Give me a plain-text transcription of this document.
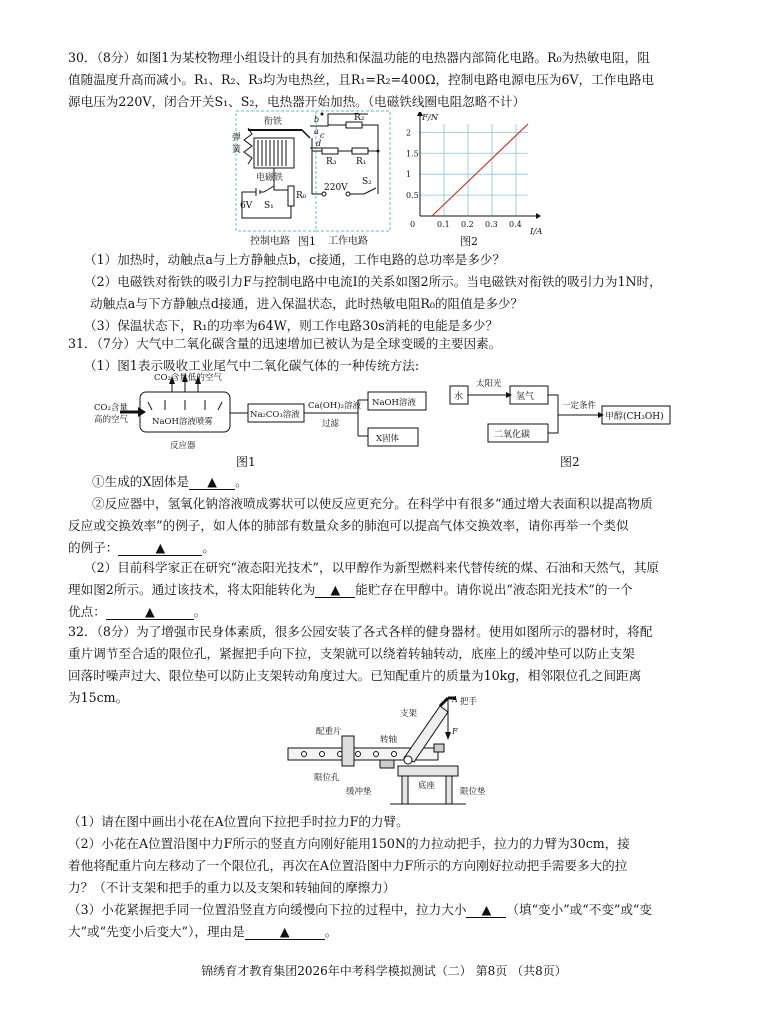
30．（8分）如图1为某校物理小组设计的具有加热和保温功能的电热器内部简化电路。R₀为热敏电阻，阻
值随温度升高而减小。R₁、R₂、R₃均为电热丝，且R₁=R₂=400Ω，控制电路电源电压为6V，工作电路电
源电压为220V，闭合开关S₁、S₂，电热器开始加热。（电磁铁线圈电阻忽略不计）
衔铁
弹
簧
电磁铁
6V S₁
R₀
220V
S₂
R₂
R₃ R₁
a
b
c
d
控制电路	工作电路
图1
0.1 0.2 0.3 0.4
0.5
1
1.5
2
0
I/A
F/N
图2
（1）加热时，动触点a与上方静触点b，c接通，工作电路的总功率是多少？
（2）电磁铁对衔铁的吸引力F与控制电路中电流I的关系如图2所示。当电磁铁对衔铁的吸引力为1N时，
动触点a与下方静触点d接通，进入保温状态，此时热敏电阻R₀的阻值是多少？
（3）保温状态下，R₁的功率为64W，则工作电路30s消耗的电能是多少？
31．（7分）大气中二氧化碳含量的迅速增加已被认为是全球变暖的主要因素。
（1）图1表示吸收工业尾气中二氧化碳气体的一种传统方法:
CO₂含量低的空气
CO₂含量
高的空气	NaOH溶液喷雾
反应器
Na₂CO₃溶液
Ca(OH)₂溶液
过滤
NaOH溶液
X固体
图1
水
太阳光
氢气
二氧化碳
一定条件
甲醇(CH₃OH)
图2
①生成的X固体是 ▲ 。
②反应器中，氢氧化钠溶液喷成雾状可以使反应更充分。在科学中有很多“通过增大表面积以提高物质
反应或交换效率”的例子，如人体的肺部有数量众多的肺泡可以提高气体交换效率，请你再举一个类似
的例子：	▲	。
（2）目前科学家正在研究“液态阳光技术”，以甲醇作为新型燃料来代替传统的煤、石油和天然气，其原
理如图2所示。通过该技术，将太阳能转化为 ▲ 能贮存在甲醇中。请你说出“液态阳光技术”的一个
优点：	▲	。
32．（8分）为了增强市民身体素质，很多公园安装了各式各样的健身器材。使用如图所示的器材时，将配
重片调节至合适的限位孔，紧握把手向下拉，支架就可以绕着转轴转动，底座上的缓冲垫可以防止支架
回落时噪声过大、限位垫可以防止支架转动角度过大。已知配重片的质量为10kg，相邻限位孔之间距离
为15cm。
支架
把手
A
F
配重片
转轴
限位孔
底座
缓冲垫	限位垫
（1）请在图中画出小花在A位置向下拉把手时拉力F的力臂。
（2）小花在A位置沿图中力F所示的竖直方向刚好能用150N的力拉动把手，拉力的力臂为30cm，接
着他将配重片向左移动了一个限位孔，再次在A位置沿图中力F所示的方向刚好拉动把手需要多大的拉
力？（不计支架和把手的重力以及支架和转轴间的摩擦力）
（3）小花紧握把手同一位置沿竖直方向缓慢向下拉的过程中，拉力大小 ▲ （填“变小”或“不变”或“变
大”或“先变小后变大”），理由是	▲	。
锦绣育才教育集团2026年中考科学模拟测试（二） 第8页 （共8页）
